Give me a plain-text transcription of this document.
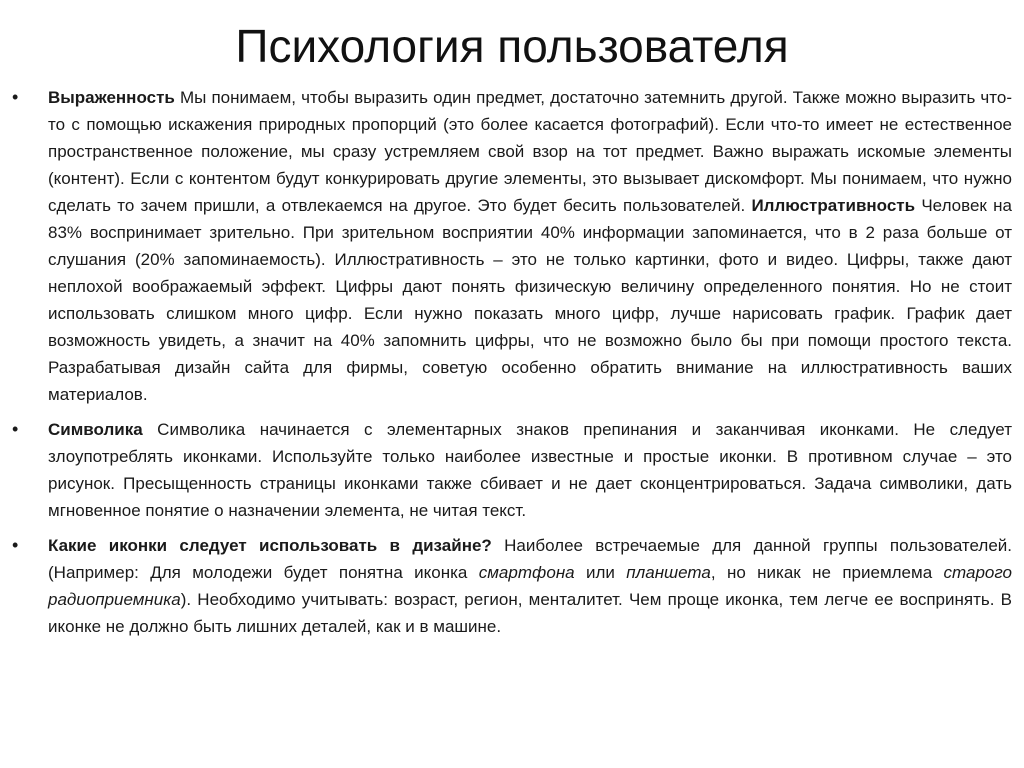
Психология пользователя
• Выраженность Мы понимаем, чтобы выразить один предмет, достаточно затемнить другой. Также можно выразить что-то с помощью искажения природных пропорций (это более касается фотографий). Если что-то имеет не естественное пространственное положение, мы сразу устремляем свой взор на тот предмет. Важно выражать искомые элементы (контент). Если с контентом будут конкурировать другие элементы, это вызывает дискомфорт. Мы понимаем, что нужно сделать то зачем пришли, а отвлекаемся на другое. Это будет бесить пользователей. Иллюстративность Человек на 83% воспринимает зрительно. При зрительном восприятии 40% информации запоминается, что в 2 раза больше от слушания (20% запоминаемость). Иллюстративность – это не только картинки, фото и видео. Цифры, также дают неплохой воображаемый эффект. Цифры дают понять физическую величину определенного понятия. Но не стоит использовать слишком много цифр. Если нужно показать много цифр, лучше нарисовать график. График дает возможность увидеть, а значит на 40% запомнить цифры, что не возможно было бы при помощи простого текста. Разрабатывая дизайн сайта для фирмы, советую особенно обратить внимание на иллюстративность ваших материалов.

• Символика Символика начинается с элементарных знаков препинания и заканчивая иконками. Не следует злоупотреблять иконками. Используйте только наиболее известные и простые иконки. В противном случае – это рисунок. Пресыщенность страницы иконками также сбивает и не дает сконцентрироваться. Задача символики, дать мгновенное понятие о назначении элемента, не читая текст.

• Какие иконки следует использовать в дизайне? Наиболее встречаемые для данной группы пользователей. (Например: Для молодежи будет понятна иконка смартфона или планшета, но никак не приемлема старого радиоприемника). Необходимо учитывать: возраст, регион, менталитет. Чем проще иконка, тем легче ее воспринять. В иконке не должно быть лишних деталей, как и в машине.
